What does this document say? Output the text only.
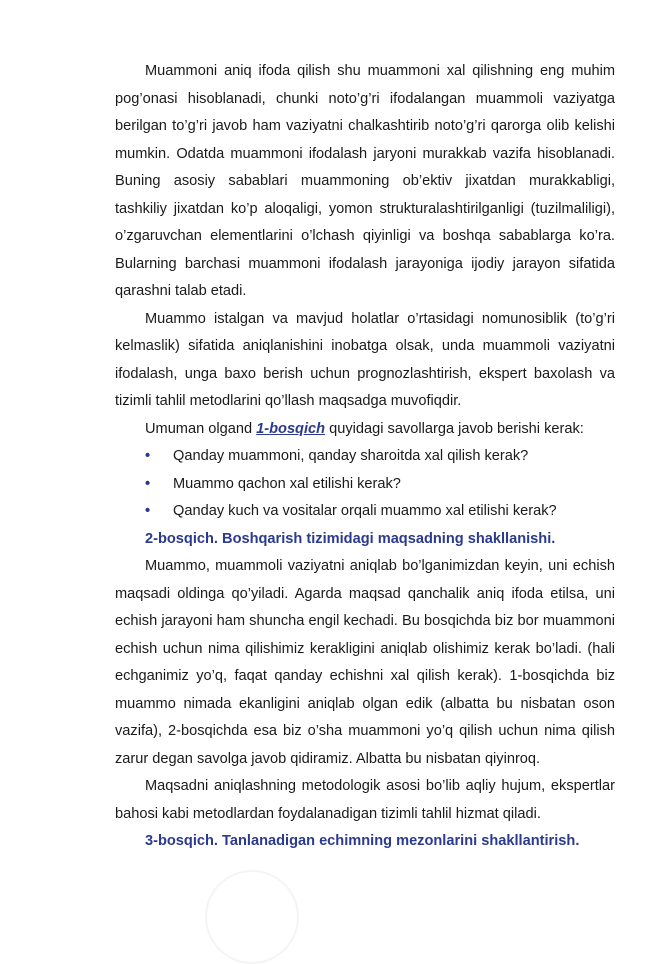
Muammoni aniq ifoda qilish shu muammoni xal qilishning eng muhim pog’onasi hisoblanadi, chunki noto’g’ri ifodalangan muammoli vaziyatga berilgan to’g’ri javob ham vaziyatni chalkashtirib noto’g’ri qarorga olib kelishi mumkin. Odatda muammoni ifodalash jaryoni murakkab vazifa hisoblanadi. Buning asosiy sabablari muammoning ob’ektiv jixatdan murakkabligi, tashkiliy jixatdan ko’p aloqaligi, yomon strukturalashtirilganligi (tuzilmaliligi), o’zgaruvchan elementlarini o’lchash qiyinligi va boshqa sabablarga ko’ra. Bularning barchasi muammoni ifodalash jarayoniga ijodiy jarayon sifatida qarashni talab etadi.

Muammo istalgan va mavjud holatlar o’rtasidagi nomunosiblik (to’g’ri kelmaslik) sifatida aniqlanishini inobatga olsak, unda muammoli vaziyatni ifodalash, unga baxo berish uchun prognozlashtirish, ekspert baxolash va tizimli tahlil metodlarini qo’llash maqsadga muvofiqdir.

Umuman olgand 1-bosqich quyidagi savollarga javob berishi kerak:

• Qanday muammoni, qanday sharoitda xal qilish kerak?

• Muammo qachon xal etilishi kerak?

• Qanday kuch va vositalar orqali muammo xal etilishi kerak?

2-bosqich. Boshqarish tizimidagi maqsadning shakllanishi.

Muammo, muammoli vaziyatni aniqlab bo’lganimizdan keyin, uni echish maqsadi oldinga qo’yiladi. Agarda maqsad qanchalik aniq ifoda etilsa, uni echish jarayoni ham shuncha engil kechadi. Bu bosqichda biz bor muammoni echish uchun nima qilishimiz kerakligini aniqlab olishimiz kerak bo’ladi. (hali echganimiz yo’q, faqat qanday echishni xal qilish kerak). 1-bosqichda biz muammo nimada ekanligini aniqlab olgan edik (albatta bu nisbatan oson vazifa), 2-bosqichda esa biz o’sha muammoni yo’q qilish uchun nima qilish zarur degan savolga javob qidiramiz. Albatta bu nisbatan qiyinroq.

Maqsadni aniqlashning metodologik asosi bo’lib aqliy hujum, ekspertlar bahosi kabi metodlardan foydalanadigan tizimli tahlil hizmat qiladi.

3-bosqich. Tanlanadigan echimning mezonlarini shakllantirish.
